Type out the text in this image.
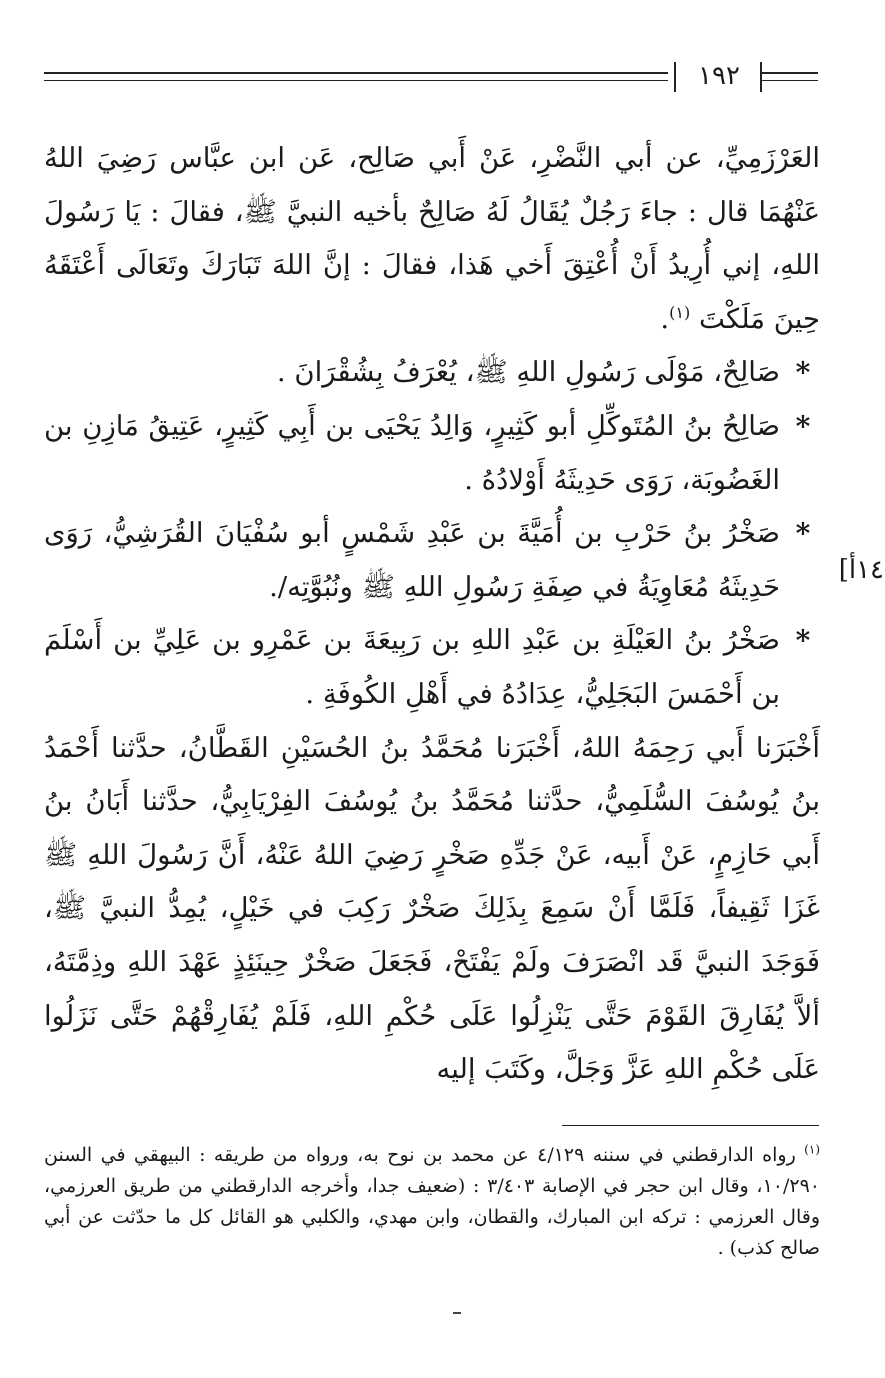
١٩٢
١٤أ]

العَرْزَمِيِّ، عن أبي النَّضْرِ، عَنْ أَبي صَالِح، عَن ابن عبَّاس رَضِيَ اللهُ عَنْهُمَا قال : جاءَ رَجُلٌ يُقَالُ لَهُ صَالِحٌ بأخيه النبيَّ ﷺ، فقالَ : يَا رَسُولَ اللهِ، إني أُرِيدُ أَنْ أُعْتِقَ أَخي هَذا، فقالَ : إنَّ اللهَ تَبَارَكَ وتَعَالَى أَعْتَقَهُ حِينَ مَلَكْتَ $^{(١)}$.

*
صَالِحٌ، مَوْلَى رَسُولِ اللهِ ﷺ، يُعْرَفُ بِشُقْرَانَ .

*
صَالِحُ بنُ المُتَوكِّلِ أبو كَثِيرٍ، وَالِدُ يَحْيَى بن أَبِي كَثِيرٍ، عَتِيقُ مَازِنِ بن الغَضُوبَة، رَوَى حَدِيثَهُ أَوْلادُهُ .

*
صَخْرُ بنُ حَرْبِ بن أُمَيَّةَ بن عَبْدِ شَمْسٍ أبو سُفْيَانَ القُرَشِيُّ، رَوَى حَدِيثَهُ مُعَاوِيَةُ في صِفَةِ رَسُولِ اللهِ ﷺ ونُبُوَّتِه/.

*
صَخْرُ بنُ العَيْلَةِ بن عَبْدِ اللهِ بن رَبِيعَةَ بن عَمْرِو بن عَلِيِّ بن أَسْلَمَ بن أَحْمَسَ البَجَلِيُّ، عِدَادُهُ في أَهْلِ الكُوفَةِ .

أَخْبَرَنا أَبي رَحِمَهُ اللهُ، أَخْبَرَنا مُحَمَّدُ بنُ الحُسَيْنِ القَطَّانُ، حدَّثنا أَحْمَدُ بنُ يُوسُفَ السُّلَمِيُّ، حدَّثنا مُحَمَّدُ بنُ يُوسُفَ الفِرْيَابِيُّ، حدَّثنا أَبَانُ بنُ أَبي حَازِمٍ، عَنْ أَبيه، عَنْ جَدِّهِ صَخْرٍ رَضِيَ اللهُ عَنْهُ، أَنَّ رَسُولَ اللهِ ﷺ غَزَا ثَقِيفاً، فَلَمَّا أَنْ سَمِعَ بِذَلِكَ صَخْرٌ رَكِبَ في خَيْلٍ، يُمِدُّ النبيَّ ﷺ، فَوَجَدَ النبيَّ قَد انْصَرَفَ ولَمْ يَفْتَحْ، فَجَعَلَ صَخْرٌ حِينَئِذٍ عَهْدَ اللهِ وذِمَّتَهُ، ألاَّ يُفَارِقَ القَوْمَ حَتَّى يَنْزِلُوا عَلَى حُكْمِ اللهِ، فَلَمْ يُفَارِقْهُمْ حَتَّى نَزَلُوا عَلَى حُكْمِ اللهِ عَزَّ وَجَلَّ، وكَتَبَ إليه

$^{(١)}$ رواه الدارقطني في سننه ٤/١٢٩ عن محمد بن نوح به، ورواه من طريقه : البيهقي في السنن ١٠/٢٩٠، وقال ابن حجر في الإصابة ٣/٤٠٣ : (ضعيف جدا، وأخرجه الدارقطني من طريق العرزمي، وقال العرزمي : تركه ابن المبارك، والقطان، وابن مهدي، والكلبي هو القائل كل ما حدّثت عن أبي صالح كذب) .
